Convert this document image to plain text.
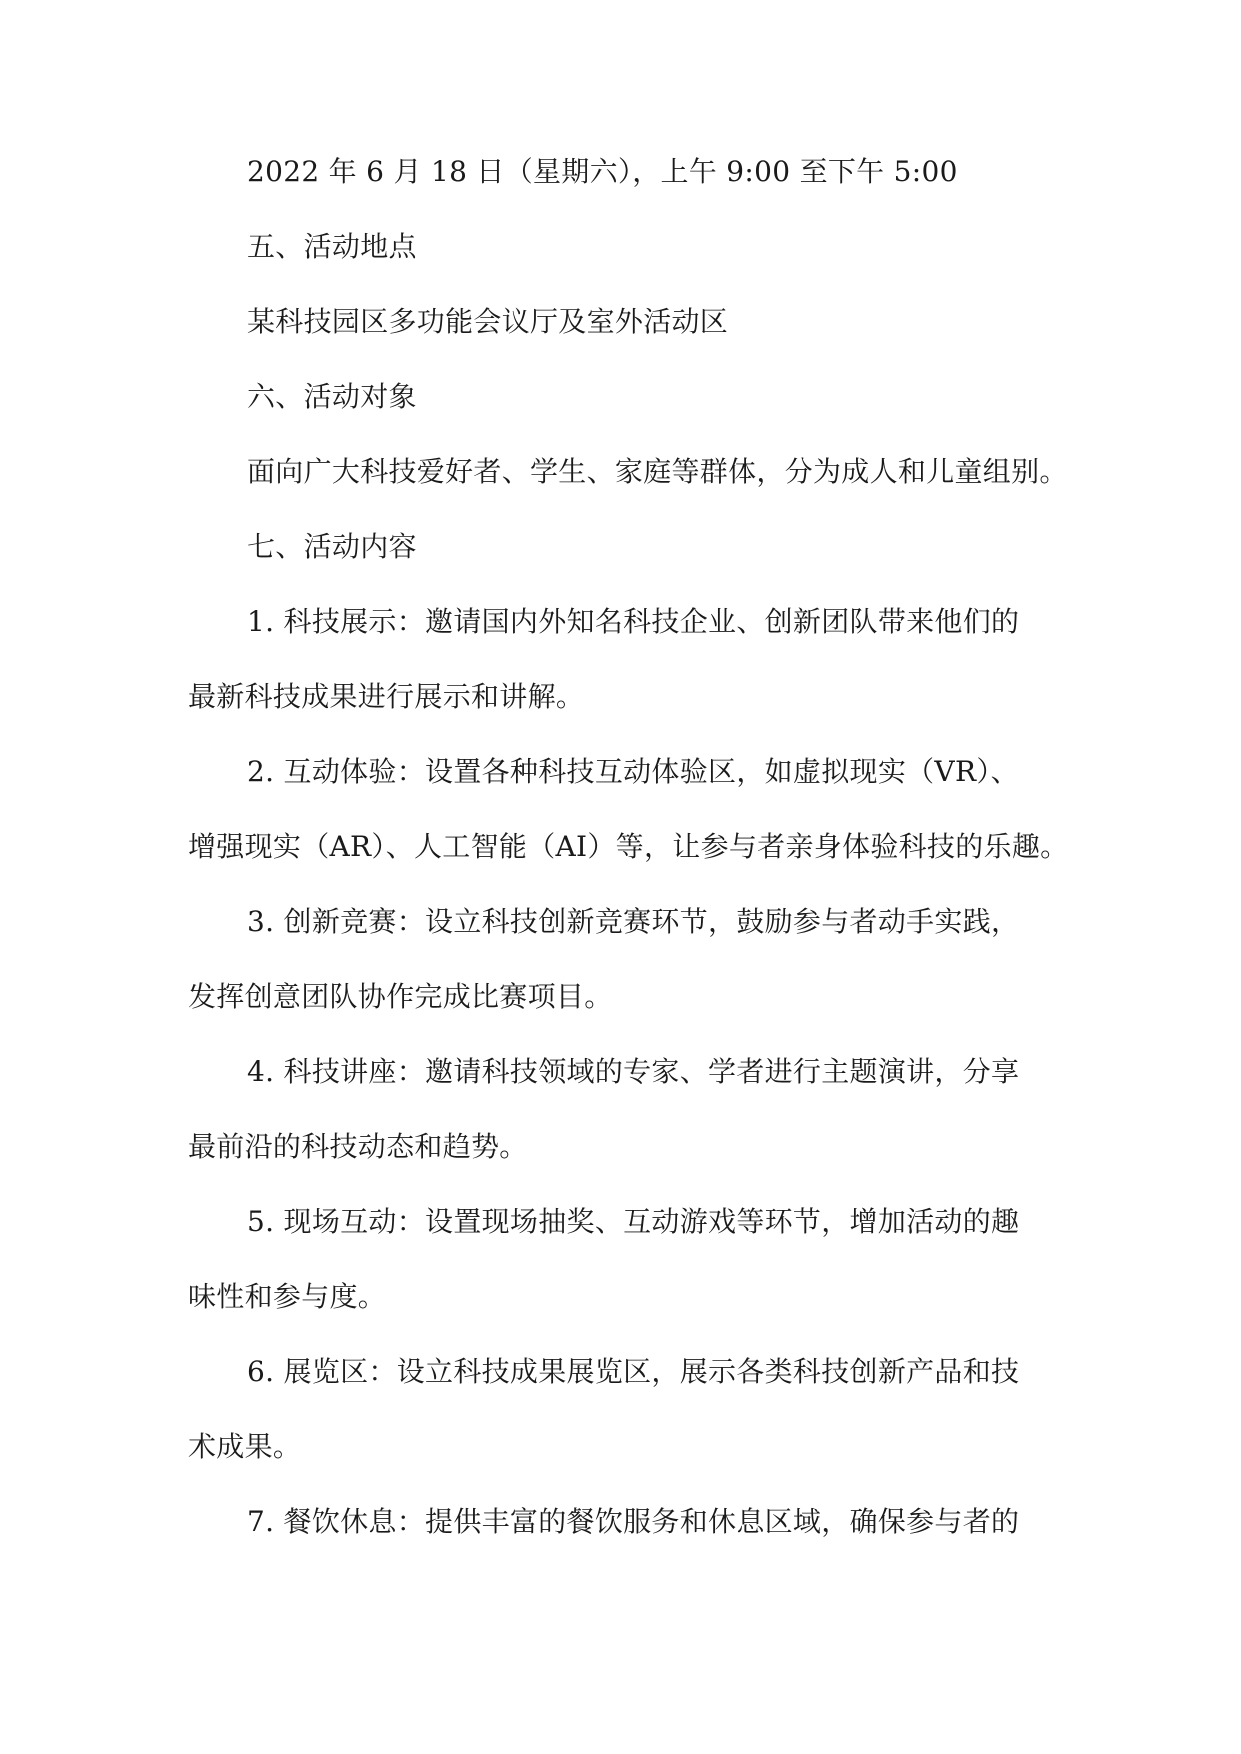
2022 年 6 月 18 日（星期六），上午 9:00 至下午 5:00
五、活动地点
某科技园区多功能会议厅及室外活动区
六、活动对象
面向广大科技爱好者、学生、家庭等群体，分为成人和儿童组别。
七、活动内容
1. 科技展示：邀请国内外知名科技企业、创新团队带来他们的
最新科技成果进行展示和讲解。
2. 互动体验：设置各种科技互动体验区，如虚拟现实（VR）、
增强现实（AR）、人工智能（AI）等，让参与者亲身体验科技的乐趣。
3. 创新竞赛：设立科技创新竞赛环节，鼓励参与者动手实践，
发挥创意团队协作完成比赛项目。
4. 科技讲座：邀请科技领域的专家、学者进行主题演讲，分享
最前沿的科技动态和趋势。
5. 现场互动：设置现场抽奖、互动游戏等环节，增加活动的趣
味性和参与度。
6. 展览区：设立科技成果展览区，展示各类科技创新产品和技
术成果。
7. 餐饮休息：提供丰富的餐饮服务和休息区域，确保参与者的
